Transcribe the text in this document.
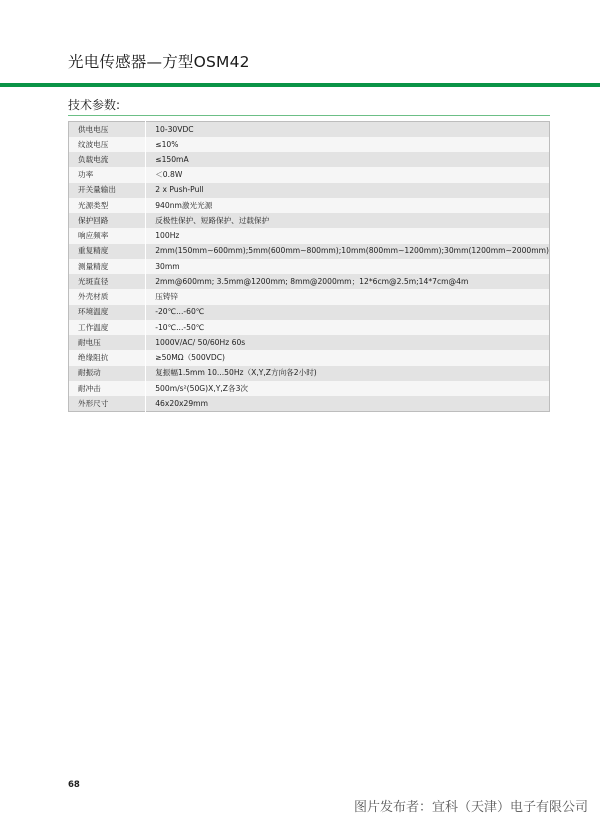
光电传感器—方型OSM42
技术参数:
供电电压	10-30VDC
纹波电压	≤10%
负载电流	≤150mA
功率	＜0.8W
开关量输出	2 x Push-Pull
光源类型	940nm激光光源
保护回路	反极性保护、短路保护、过载保护
响应频率	100Hz
重复精度	2mm(150mm~600mm);5mm(600mm~800mm);10mm(800mm~1200mm);30mm(1200mm~2000mm)
测量精度	30mm
光斑直径	2mm@600mm; 3.5mm@1200mm; 8mm@2000mm；12*6cm@2.5m;14*7cm@4m
外壳材质	压铸锌
环境温度	-20℃...-60℃
工作温度	-10℃...-50℃
耐电压	1000V/AC/ 50/60Hz 60s
绝缘阻抗	≥50MΩ（500VDC)
耐振动	复振幅1.5mm 10...50Hz（X,Y,Z方向各2小时)
耐冲击	500m/s²(50G)X,Y,Z各3次
外形尺寸	46x20x29mm
68
图片发布者：宜科（天津）电子有限公司
